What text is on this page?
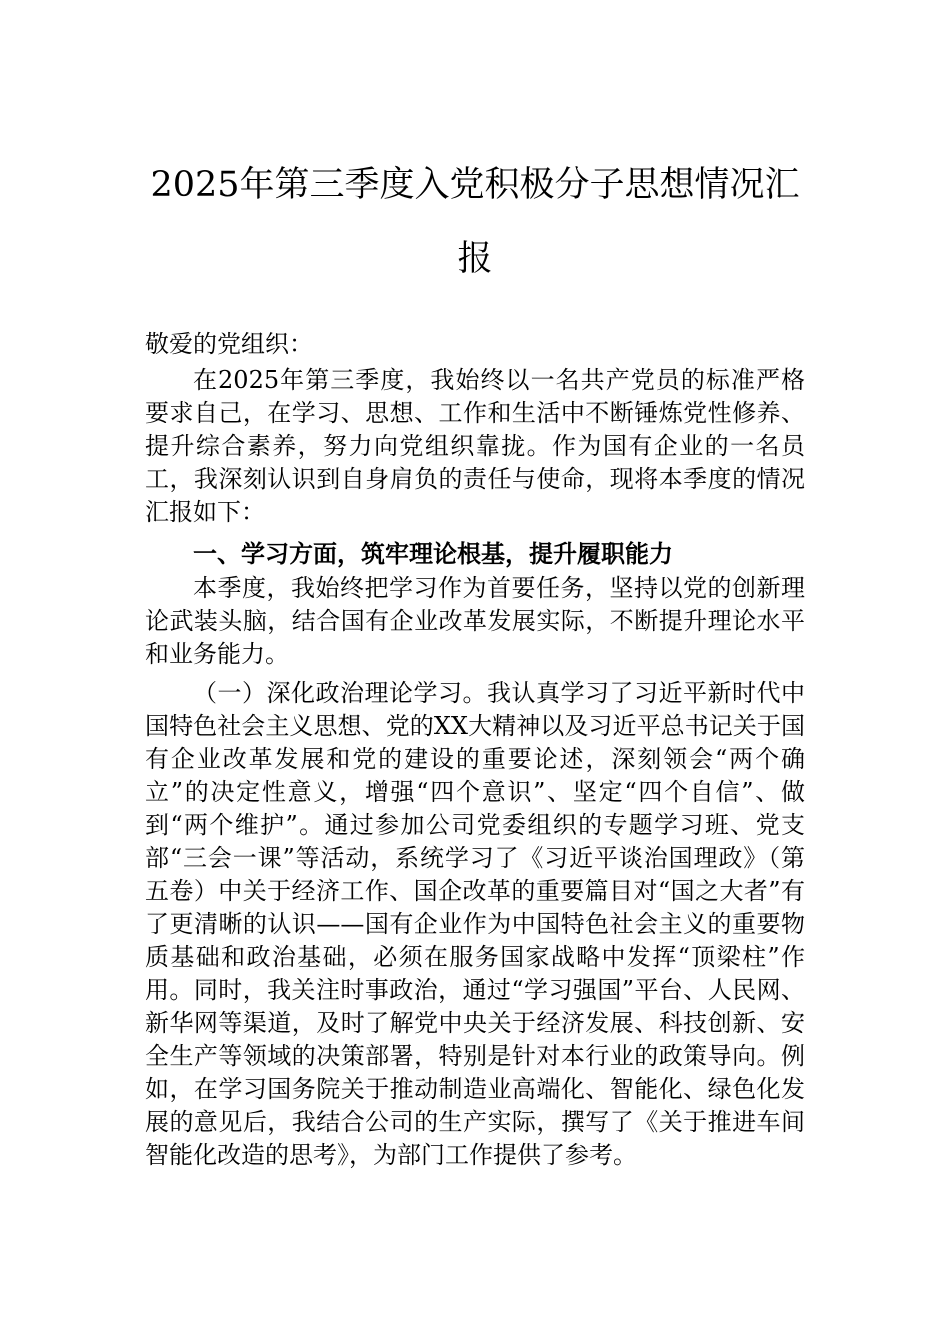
2025年第三季度入党积极分子思想情况汇
报

敬爱的党组织：

在2025年第三季度，我始终以一名共产党员的标准严格要求自己，在学习、思想、工作和生活中不断锤炼党性修养、提升综合素养，努力向党组织靠拢。作为国有企业的一名员工，我深刻认识到自身肩负的责任与使命，现将本季度的情况汇报如下：

一、学习方面，筑牢理论根基，提升履职能力

本季度，我始终把学习作为首要任务，坚持以党的创新理论武装头脑，结合国有企业改革发展实际，不断提升理论水平和业务能力。

（一）深化政治理论学习。我认真学习了习近平新时代中国特色社会主义思想、党的XX大精神以及习近平总书记关于国有企业改革发展和党的建设的重要论述，深刻领会“两个确立”的决定性意义，增强“四个意识”、坚定“四个自信”、做到“两个维护”。通过参加公司党委组织的专题学习班、党支部“三会一课”等活动，系统学习了《习近平谈治国理政》（第五卷）中关于经济工作、国企改革的重要篇目对“国之大者”有了更清晰的认识——国有企业作为中国特色社会主义的重要物质基础和政治基础，必须在服务国家战略中发挥“顶梁柱”作用。同时，我关注时事政治，通过“学习强国”平台、人民网、新华网等渠道，及时了解党中央关于经济发展、科技创新、安全生产等领域的决策部署，特别是针对本行业的政策导向。例如，在学习国务院关于推动制造业高端化、智能化、绿色化发展的意见后，我结合公司的生产实际，撰写了《关于推进车间智能化改造的思考》，为部门工作提供了参考。
